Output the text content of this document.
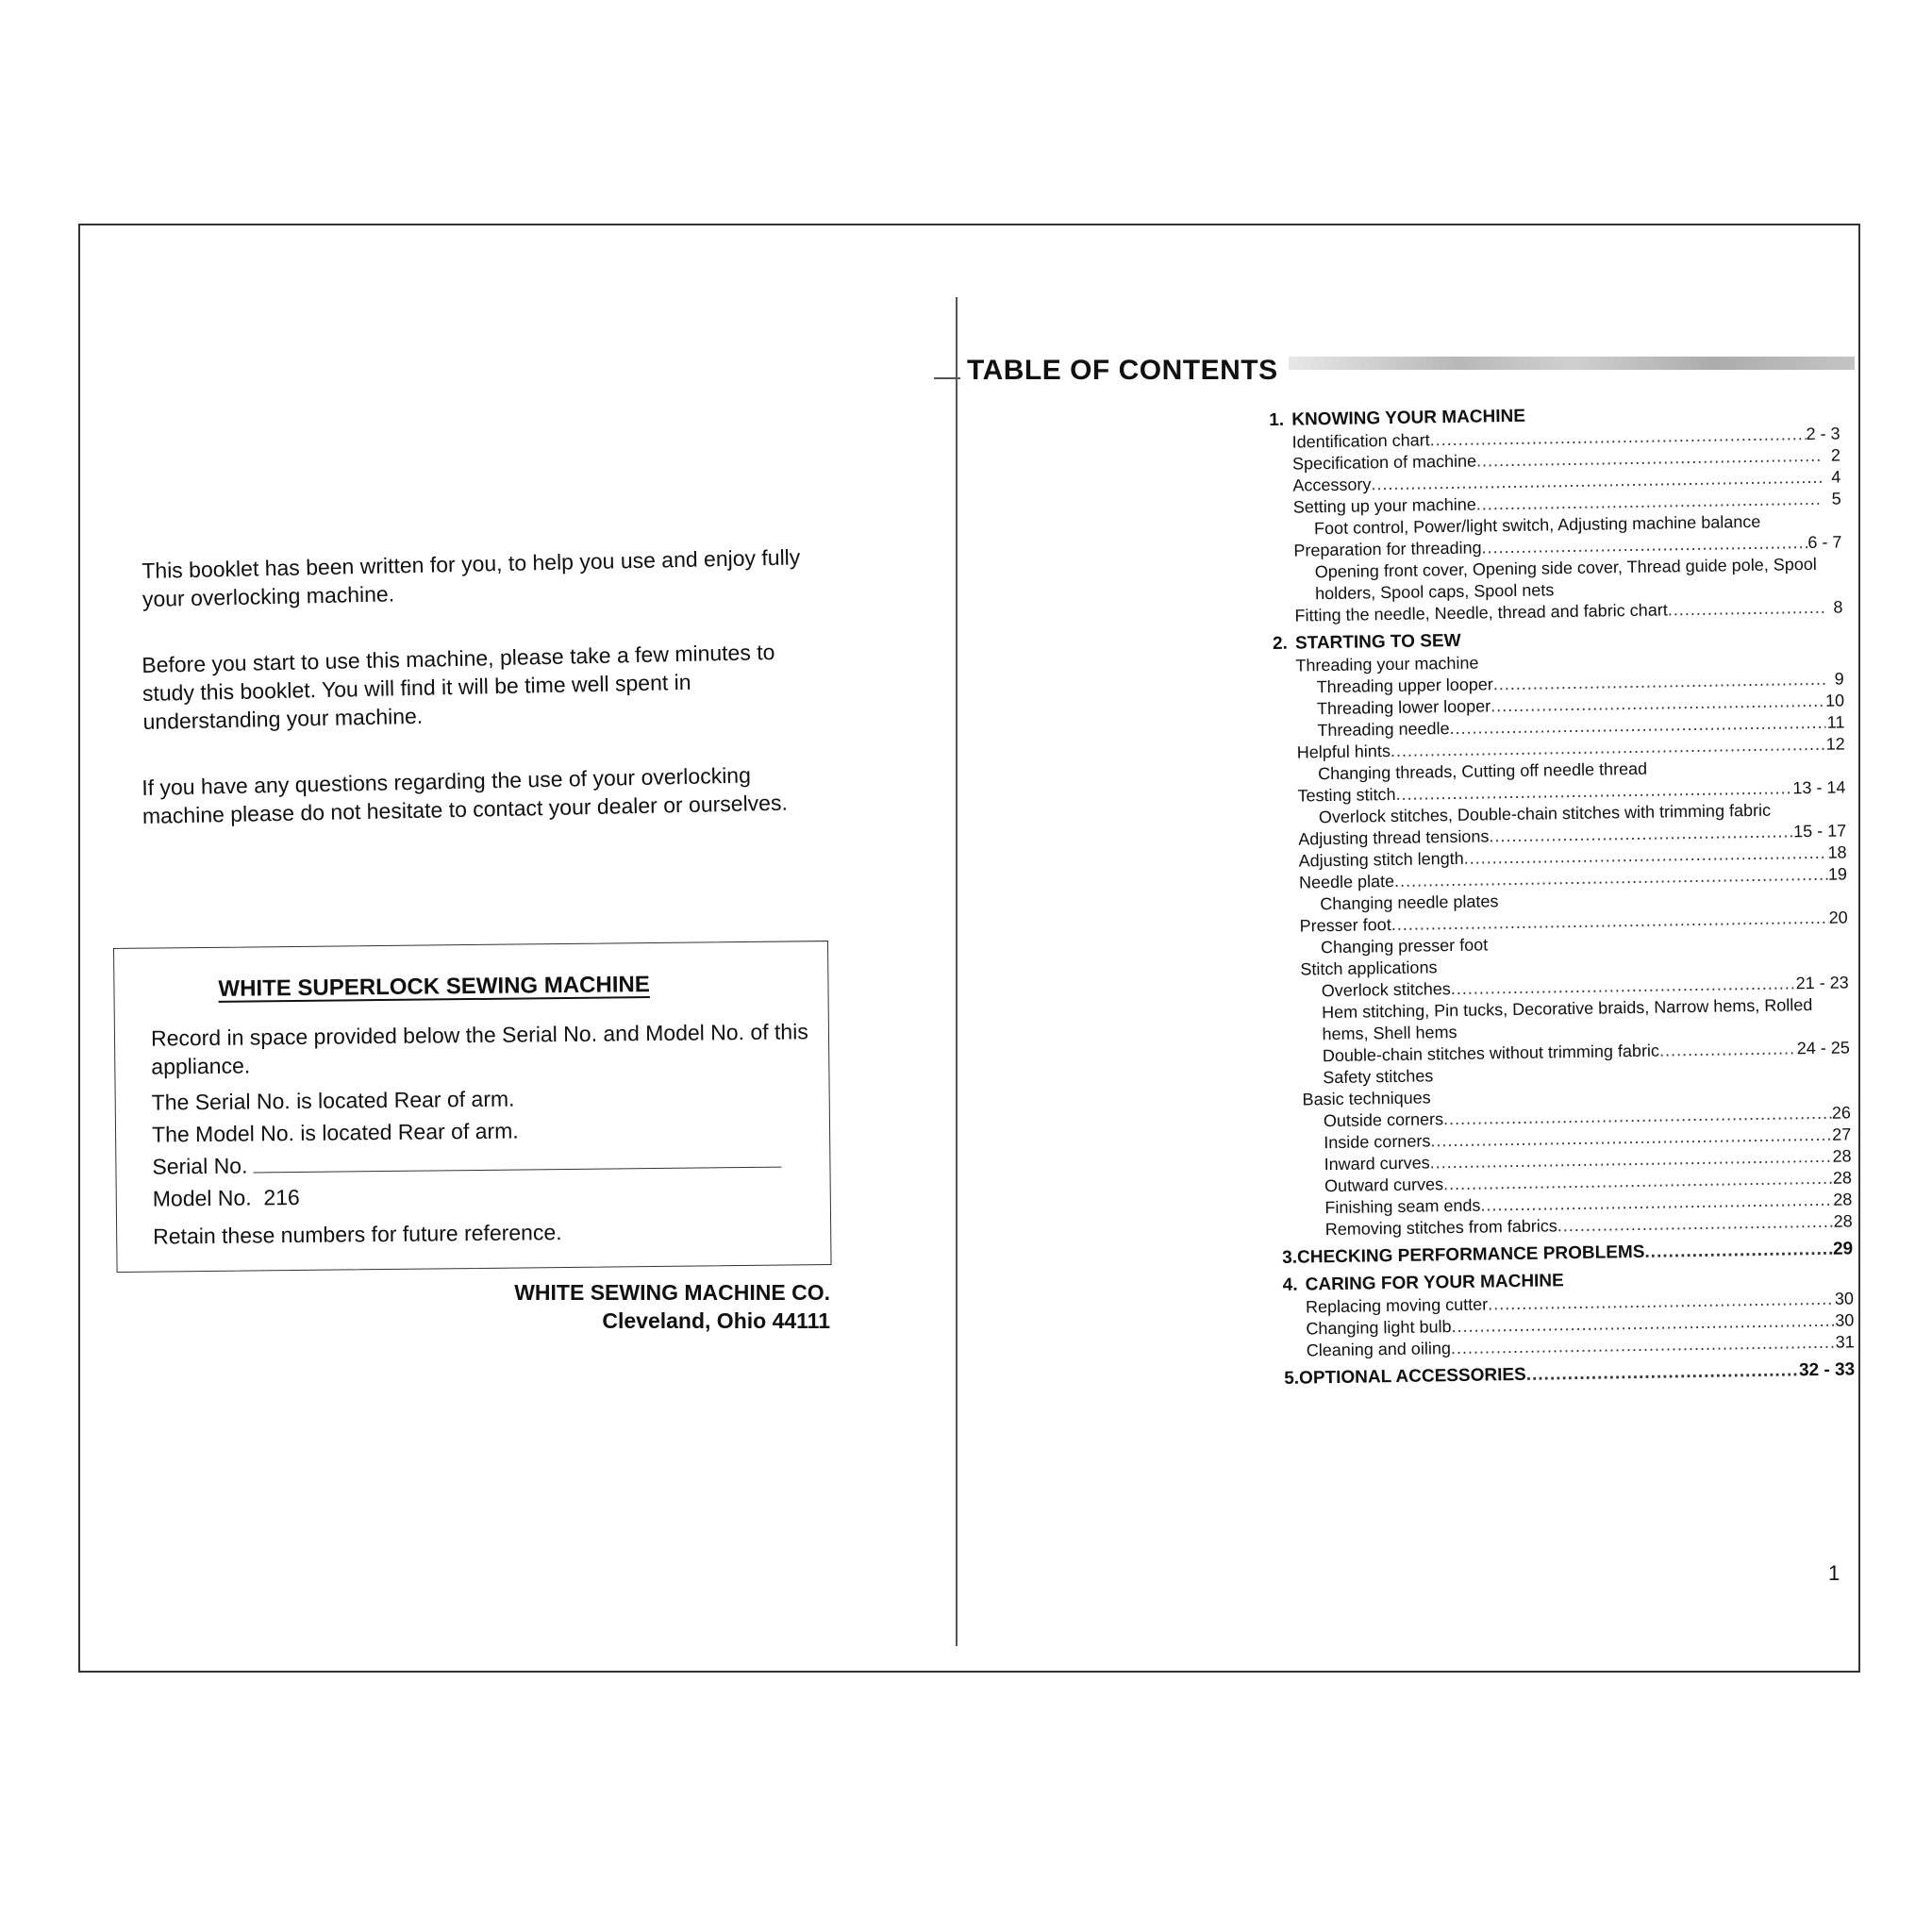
This booklet has been written for you, to help you use and enjoy fully your overlocking machine.
Before you start to use this machine, please take a few minutes to study this booklet. You will find it will be time well spent in understanding your machine.
If you have any questions regarding the use of your overlocking machine please do not hesitate to contact your dealer or ourselves.
WHITE SUPERLOCK SEWING MACHINE
Record in space provided below the Serial No. and Model No. of this appliance.
The Serial No. is located Rear of arm.
The Model No. is located Rear of arm.
Serial No.
Model No. 216
Retain these numbers for future reference.
WHITE SEWING MACHINE CO.
Cleveland, Ohio 44111
TABLE OF CONTENTS
1. KNOWING YOUR MACHINE
Identification chart .....	2 - 3
Specification of machine .....	2
Accessory .....	4
Setting up your machine .....	5
Foot control, Power/light switch, Adjusting machine balance
Preparation for threading .....	6 - 7
Opening front cover, Opening side cover, Thread guide pole, Spool holders, Spool caps, Spool nets
Fitting the needle, Needle, thread and fabric chart .....	8
2. STARTING TO SEW
Threading your machine
Threading upper looper .....	9
Threading lower looper .....	10
Threading needle .....	11
Helpful hints .....	12
Changing threads, Cutting off needle thread
Testing stitch .....	13 - 14
Overlock stitches, Double-chain stitches with trimming fabric
Adjusting thread tensions .....	15 - 17
Adjusting stitch length .....	18
Needle plate .....	19
Changing needle plates
Presser foot .....	20
Changing presser foot
Stitch applications
Overlock stitches .....	21 - 23
Hem stitching, Pin tucks, Decorative braids, Narrow hems, Rolled hems, Shell hems
Double-chain stitches without trimming fabric .....	24 - 25
Safety stitches
Basic techniques
Outside corners .....	26
Inside corners .....	27
Inward curves .....	28
Outward curves .....	28
Finishing seam ends .....	28
Removing stitches from fabrics .....	28
3. CHECKING PERFORMANCE PROBLEMS .....	29
4. CARING FOR YOUR MACHINE
Replacing moving cutter .....	30
Changing light bulb .....	30
Cleaning and oiling .....	31
5. OPTIONAL ACCESSORIES .....	32 - 33
1
